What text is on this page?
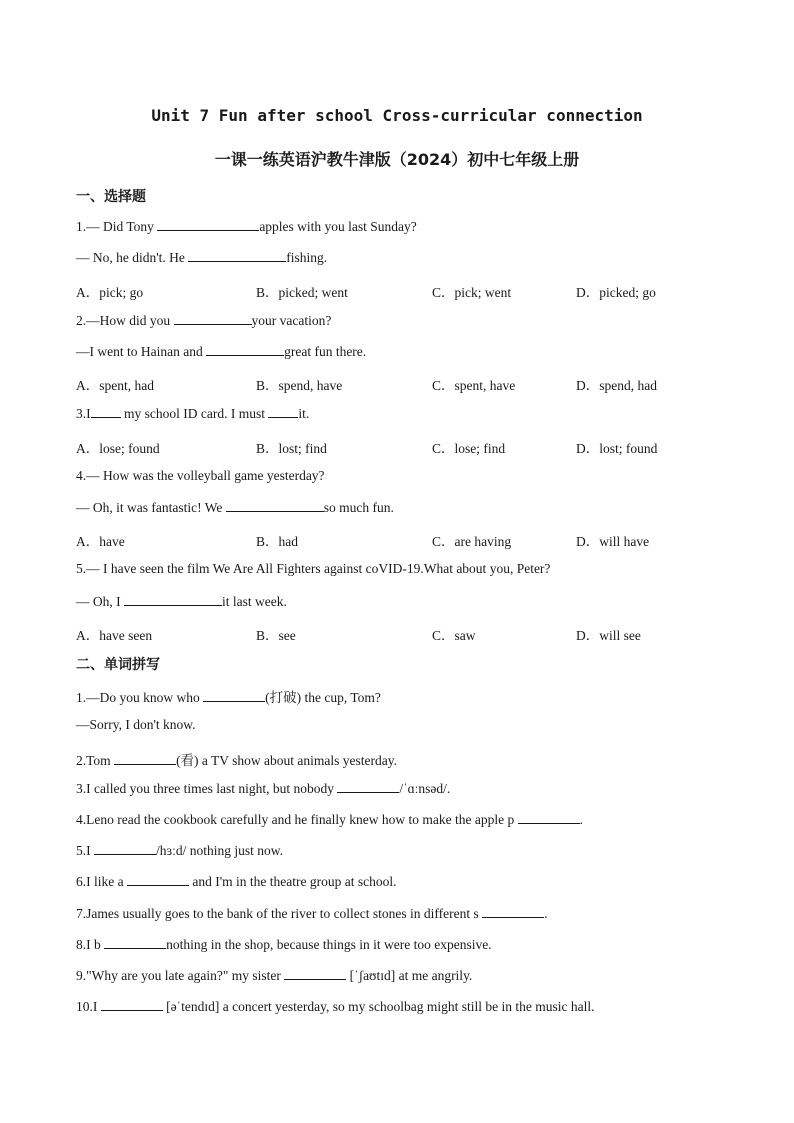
Unit 7 Fun after school Cross-curricular connection
一课一练英语沪教牛津版（2024）初中七年级上册
一、选择题
1.— Did Tony	apples with you last Sunday?
— No, he didn't. He	fishing.
A．pick; go	B．picked; went	C．pick; went	D．picked; go
2.—How did you	your vacation?
—I went to Hainan and	great fun there.
A．spent, had	B．spend, have	C．spent, have	D．spend, had
3.I my school ID card. I must it.
A．lose; found	B．lost; find	C．lose; find	D．lost; found
4.— How was the volleyball game yesterday?
— Oh, it was fantastic! We	so much fun.
A．have	B．had	C．are having	D．will have
5.— I have seen the film We Are All Fighters against coVID-19.What about you, Peter?
— Oh, I	it last week.
A．have seen	B．see	C．saw	D．will see
二、单词拼写
1.—Do you know who	(打破) the cup, Tom?
—Sorry, I don't know.
2.Tom	(看) a TV show about animals yesterday.
3.I called you three times last night, but nobody	/ˈɑːnsəd/.
4.Leno read the cookbook carefully and he finally knew how to make the apple p	.
5.I	/hɜːd/ nothing just now.
6.I like a	and I'm in the theatre group at school.
7.James usually goes to the bank of the river to collect stones in different s	.
8.I b	nothing in the shop, because things in it were too expensive.
9."Why are you late again?" my sister	[ˈʃaʊtɪd] at me angrily.
10.I	[əˈtendɪd] a concert yesterday, so my schoolbag might still be in the music hall.
